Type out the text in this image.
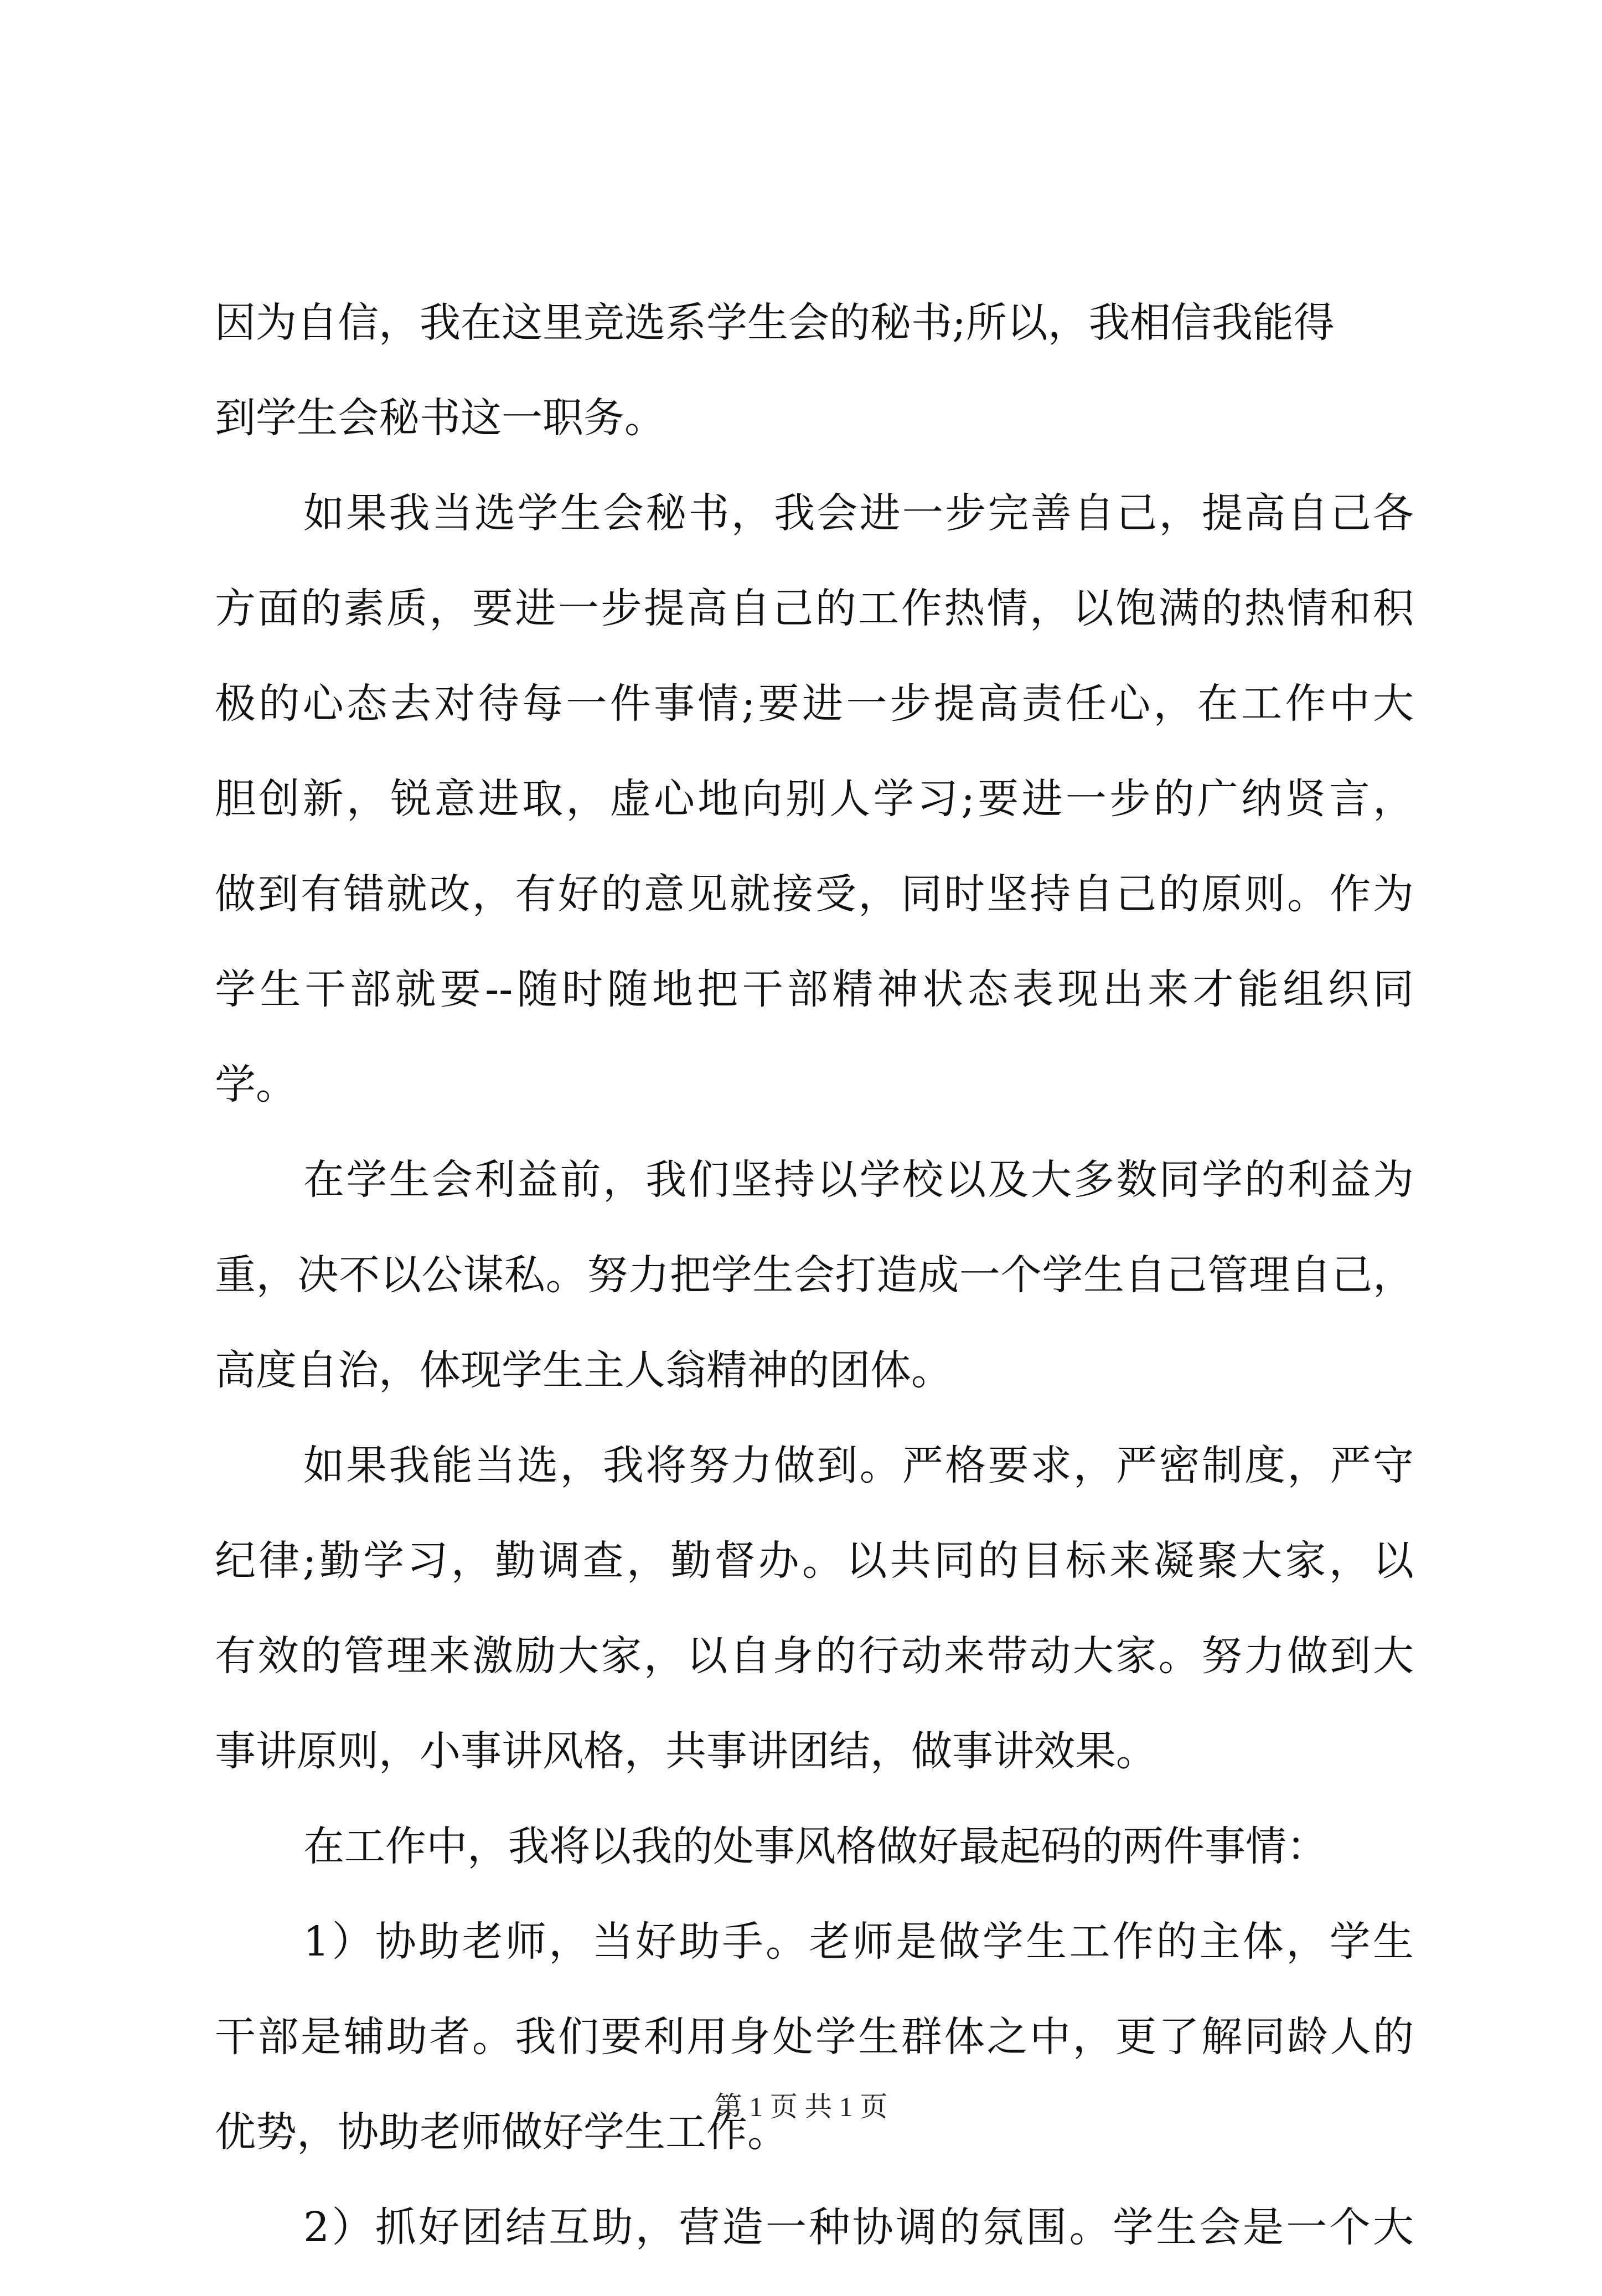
因为自信，我在这里竞选系学生会的秘书;所以，我相信我能得
到学生会秘书这一职务。
如果我当选学生会秘书，我会进一步完善自己，提高自己各
方面的素质，要进一步提高自己的工作热情，以饱满的热情和积
极的心态去对待每一件事情;要进一步提高责任心，在工作中大
胆创新，锐意进取，虚心地向别人学习;要进一步的广纳贤言，
做到有错就改，有好的意见就接受，同时坚持自己的原则。作为
学生干部就要--随时随地把干部精神状态表现出来才能组织同
学。
在学生会利益前，我们坚持以学校以及大多数同学的利益为
重，决不以公谋私。努力把学生会打造成一个学生自己管理自己，
高度自治，体现学生主人翁精神的团体。
如果我能当选，我将努力做到。严格要求，严密制度，严守
纪律;勤学习，勤调查，勤督办。以共同的目标来凝聚大家，以
有效的管理来激励大家，以自身的行动来带动大家。努力做到大
事讲原则，小事讲风格，共事讲团结，做事讲效果。
在工作中，我将以我的处事风格做好最起码的两件事情：
1）协助老师，当好助手。老师是做学生工作的主体，学生
干部是辅助者。我们要利用身处学生群体之中，更了解同龄人的
优势，协助老师做好学生工作。
2）抓好团结互助，营造一种协调的氛围。学生会是一个大
第 1 页 共 1 页
